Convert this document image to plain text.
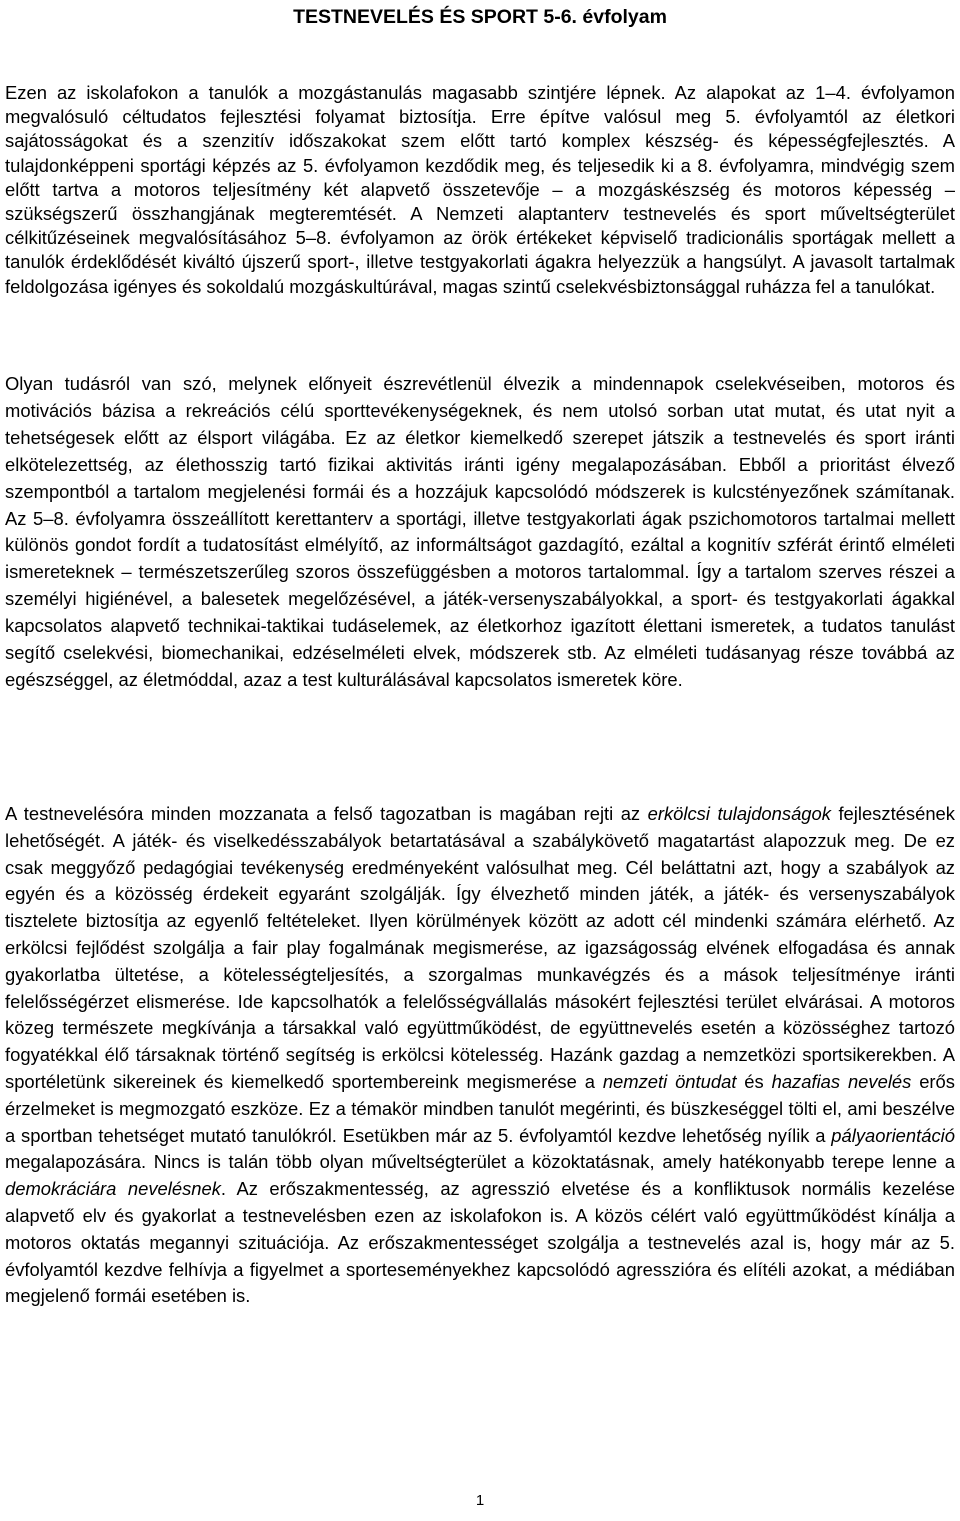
TESTNEVELÉS ÉS SPORT 5-6. évfolyam

Ezen az iskolafokon a tanulók a mozgástanulás magasabb szintjére lépnek. Az alapokat az 1–4. évfolyamon megvalósuló céltudatos fejlesztési folyamat biztosítja. Erre építve valósul meg 5. évfolyamtól az életkori sajátosságokat és a szenzitív időszakokat szem előtt tartó komplex készség- és képességfejlesztés. A tulajdonképpeni sportági képzés az 5. évfolyamon kezdődik meg, és teljesedik ki a 8. évfolyamra, mindvégig szem előtt tartva a motoros teljesítmény két alapvető összetevője – a mozgáskészség és motoros képesség – szükségszerű összhangjának megteremtését. A Nemzeti alaptanterv testnevelés és sport műveltségterület célkitűzéseinek megvalósításához 5–8. évfolyamon az örök értékeket képviselő tradicionális sportágak mellett a tanulók érdeklődését kiváltó újszerű sport-, illetve testgyakorlati ágakra helyezzük a hangsúlyt. A javasolt tartalmak feldolgozása igényes és sokoldalú mozgáskultúrával, magas szintű cselekvésbiztonsággal ruházza fel a tanulókat.

Olyan tudásról van szó, melynek előnyeit észrevétlenül élvezik a mindennapok cselekvéseiben, motoros és motivációs bázisa a rekreációs célú sporttevékenységeknek, és nem utolsó sorban utat mutat, és utat nyit a tehetségesek előtt az élsport világába. Ez az életkor kiemelkedő szerepet játszik a testnevelés és sport iránti elkötelezettség, az élethosszig tartó fizikai aktivitás iránti igény megalapozásában. Ebből a prioritást élvező szempontból a tartalom megjelenési formái és a hozzájuk kapcsolódó módszerek is kulcstényezőnek számítanak. Az 5–8. évfolyamra összeállított kerettanterv a sportági, illetve testgyakorlati ágak pszichomotoros tartalmai mellett különös gondot fordít a tudatosítást elmélyítő, az informáltságot gazdagító, ezáltal a kognitív szférát érintő elméleti ismereteknek – természetszerűleg szoros összefüggésben a motoros tartalommal. Így a tartalom szerves részei a személyi higiénével, a balesetek megelőzésével, a játék-versenyszabályokkal, a sport- és testgyakorlati ágakkal kapcsolatos alapvető technikai-taktikai tudáselemek, az életkorhoz igazított élettani ismeretek, a tudatos tanulást segítő cselekvési, biomechanikai, edzéselméleti elvek, módszerek stb. Az elméleti tudásanyag része továbbá az egészséggel, az életmóddal, azaz a test kulturálásával kapcsolatos ismeretek köre.

A testnevelésóra minden mozzanata a felső tagozatban is magában rejti az erkölcsi tulajdonságok fejlesztésének lehetőségét. A játék- és viselkedésszabályok betartatásával a szabálykövető magatartást alapozzuk meg. De ez csak meggyőző pedagógiai tevékenység eredményeként valósulhat meg. Cél beláttatni azt, hogy a szabályok az egyén és a közösség érdekeit egyaránt szolgálják. Így élvezhető minden játék, a játék- és versenyszabályok tisztelete biztosítja az egyenlő feltételeket. Ilyen körülmények között az adott cél mindenki számára elérhető. Az erkölcsi fejlődést szolgálja a fair play fogalmának megismerése, az igazságosság elvének elfogadása és annak gyakorlatba ültetése, a kötelességteljesítés, a szorgalmas munkavégzés és a mások teljesítménye iránti felelősségérzet elismerése. Ide kapcsolhatók a felelősségvállalás másokért fejlesztési terület elvárásai. A motoros közeg természete megkívánja a társakkal való együttműködést, de együttnevelés esetén a közösséghez tartozó fogyatékkal élő társaknak történő segítség is erkölcsi kötelesség. Hazánk gazdag a nemzetközi sportsikerekben. A sportéletünk sikereinek és kiemelkedő sportembereink megismerése a nemzeti öntudat és hazafias nevelés erős érzelmeket is megmozgató eszköze. Ez a témakör mindben tanulót megérinti, és büszkeséggel tölti el, ami beszélve a sportban tehetséget mutató tanulókról. Esetükben már az 5. évfolyamtól kezdve lehetőség nyílik a pályaorientáció megalapozására. Nincs is talán több olyan műveltségterület a közoktatásnak, amely hatékonyabb terepe lenne a demokráciára nevelésnek. Az erőszakmentesség, az agresszió elvetése és a konfliktusok normális kezelése alapvető elv és gyakorlat a testnevelésben ezen az iskolafokon is. A közös célért való együttműködést kínálja a motoros oktatás megannyi szituációja. Az erőszakmentességet szolgálja a testnevelés azal is, hogy már az 5. évfolyamtól kezdve felhívja a figyelmet a sporteseményekhez kapcsolódó agresszióra és elítéli azokat, a médiában megjelenő formái esetében is.

1
